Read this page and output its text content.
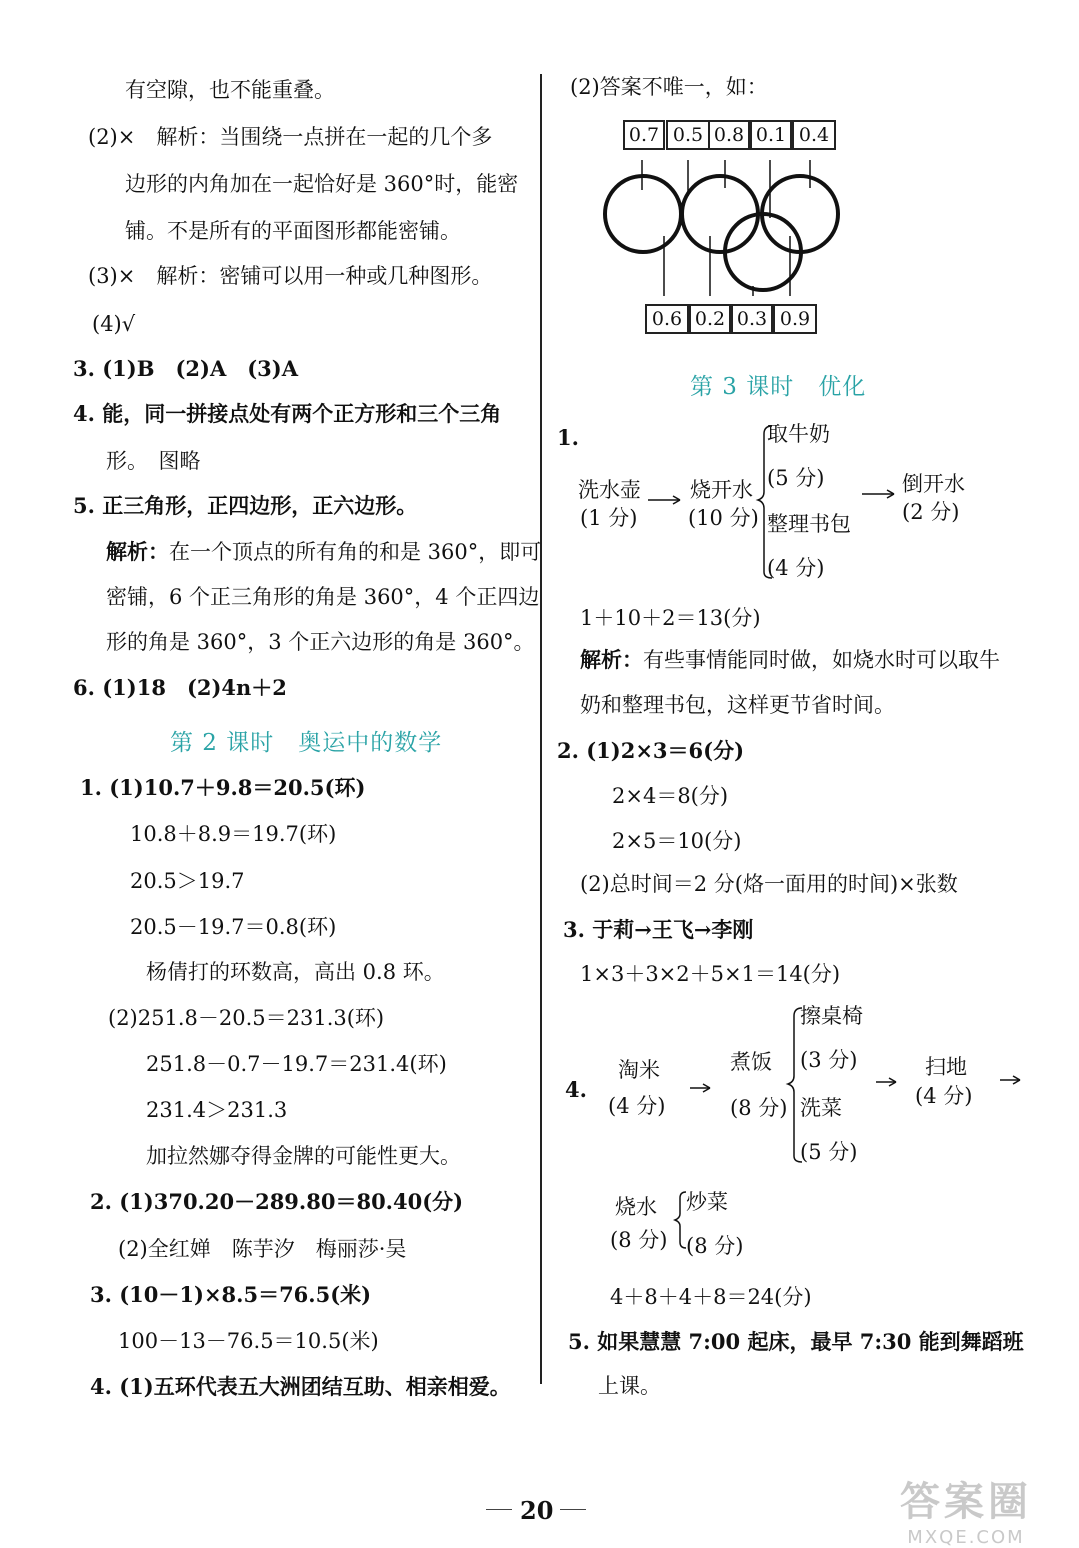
有空隙，也不能重叠。
(2)×　解析：当围绕一点拼在一起的几个多
边形的内角加在一起恰好是 360°时，能密
铺。不是所有的平面图形都能密铺。
(3)×　解析：密铺可以用一种或几种图形。
(4)√
3. (1)B　(2)A　(3)A
4. 能，同一拼接点处有两个正方形和三个三角
形。　图略
5. 正三角形，正四边形，正六边形。
解析：在一个顶点的所有角的和是 360°，即可
密铺，6 个正三角形的角是 360°，4 个正四边
形的角是 360°，3 个正六边形的角是 360°。
6. (1)18　(2)4n＋2
第 2 课时　奥运中的数学
1. (1)10.7＋9.8＝20.5(环)
10.8＋8.9＝19.7(环)
20.5＞19.7
20.5－19.7＝0.8(环)
杨倩打的环数高，高出 0.8 环。
(2)251.8－20.5＝231.3(环)
251.8－0.7－19.7＝231.4(环)
231.4＞231.3
加拉然娜夺得金牌的可能性更大。
2. (1)370.20－289.80＝80.40(分)
(2)全红婵　陈芋汐　梅丽莎·吴
3. (10－1)×8.5＝76.5(米)
100－13－76.5＝10.5(米)
4. (1)五环代表五大洲团结互助、相亲相爱。
(2)答案不唯一，如：
0.7 0.5 0.8 0.1 0.4
0.6 0.2 0.3 0.9
第 3 课时　优化
1.
洗水壶
(1 分)
烧开水
(10 分)
取牛奶
(5 分)
整理书包
(4 分)
倒开水
(2 分)
1＋10＋2＝13(分)
解析：有些事情能同时做，如烧水时可以取牛
奶和整理书包，这样更节省时间。
2. (1)2×3＝6(分)
2×4＝8(分)
2×5＝10(分)
(2)总时间＝2 分(烙一面用的时间)×张数
3. 于莉→王飞→李刚
1×3＋3×2＋5×1＝14(分)
4.
淘米
(4 分)
煮饭
(8 分)
擦桌椅
(3 分)
洗菜
(5 分)
扫地
(4 分)
烧水
(8 分)
炒菜
(8 分)
4＋8＋4＋8＝24(分)
5. 如果慧慧 7:00 起床，最早 7:30 能到舞蹈班
上课。
20	答案圈
MXQE.COM
